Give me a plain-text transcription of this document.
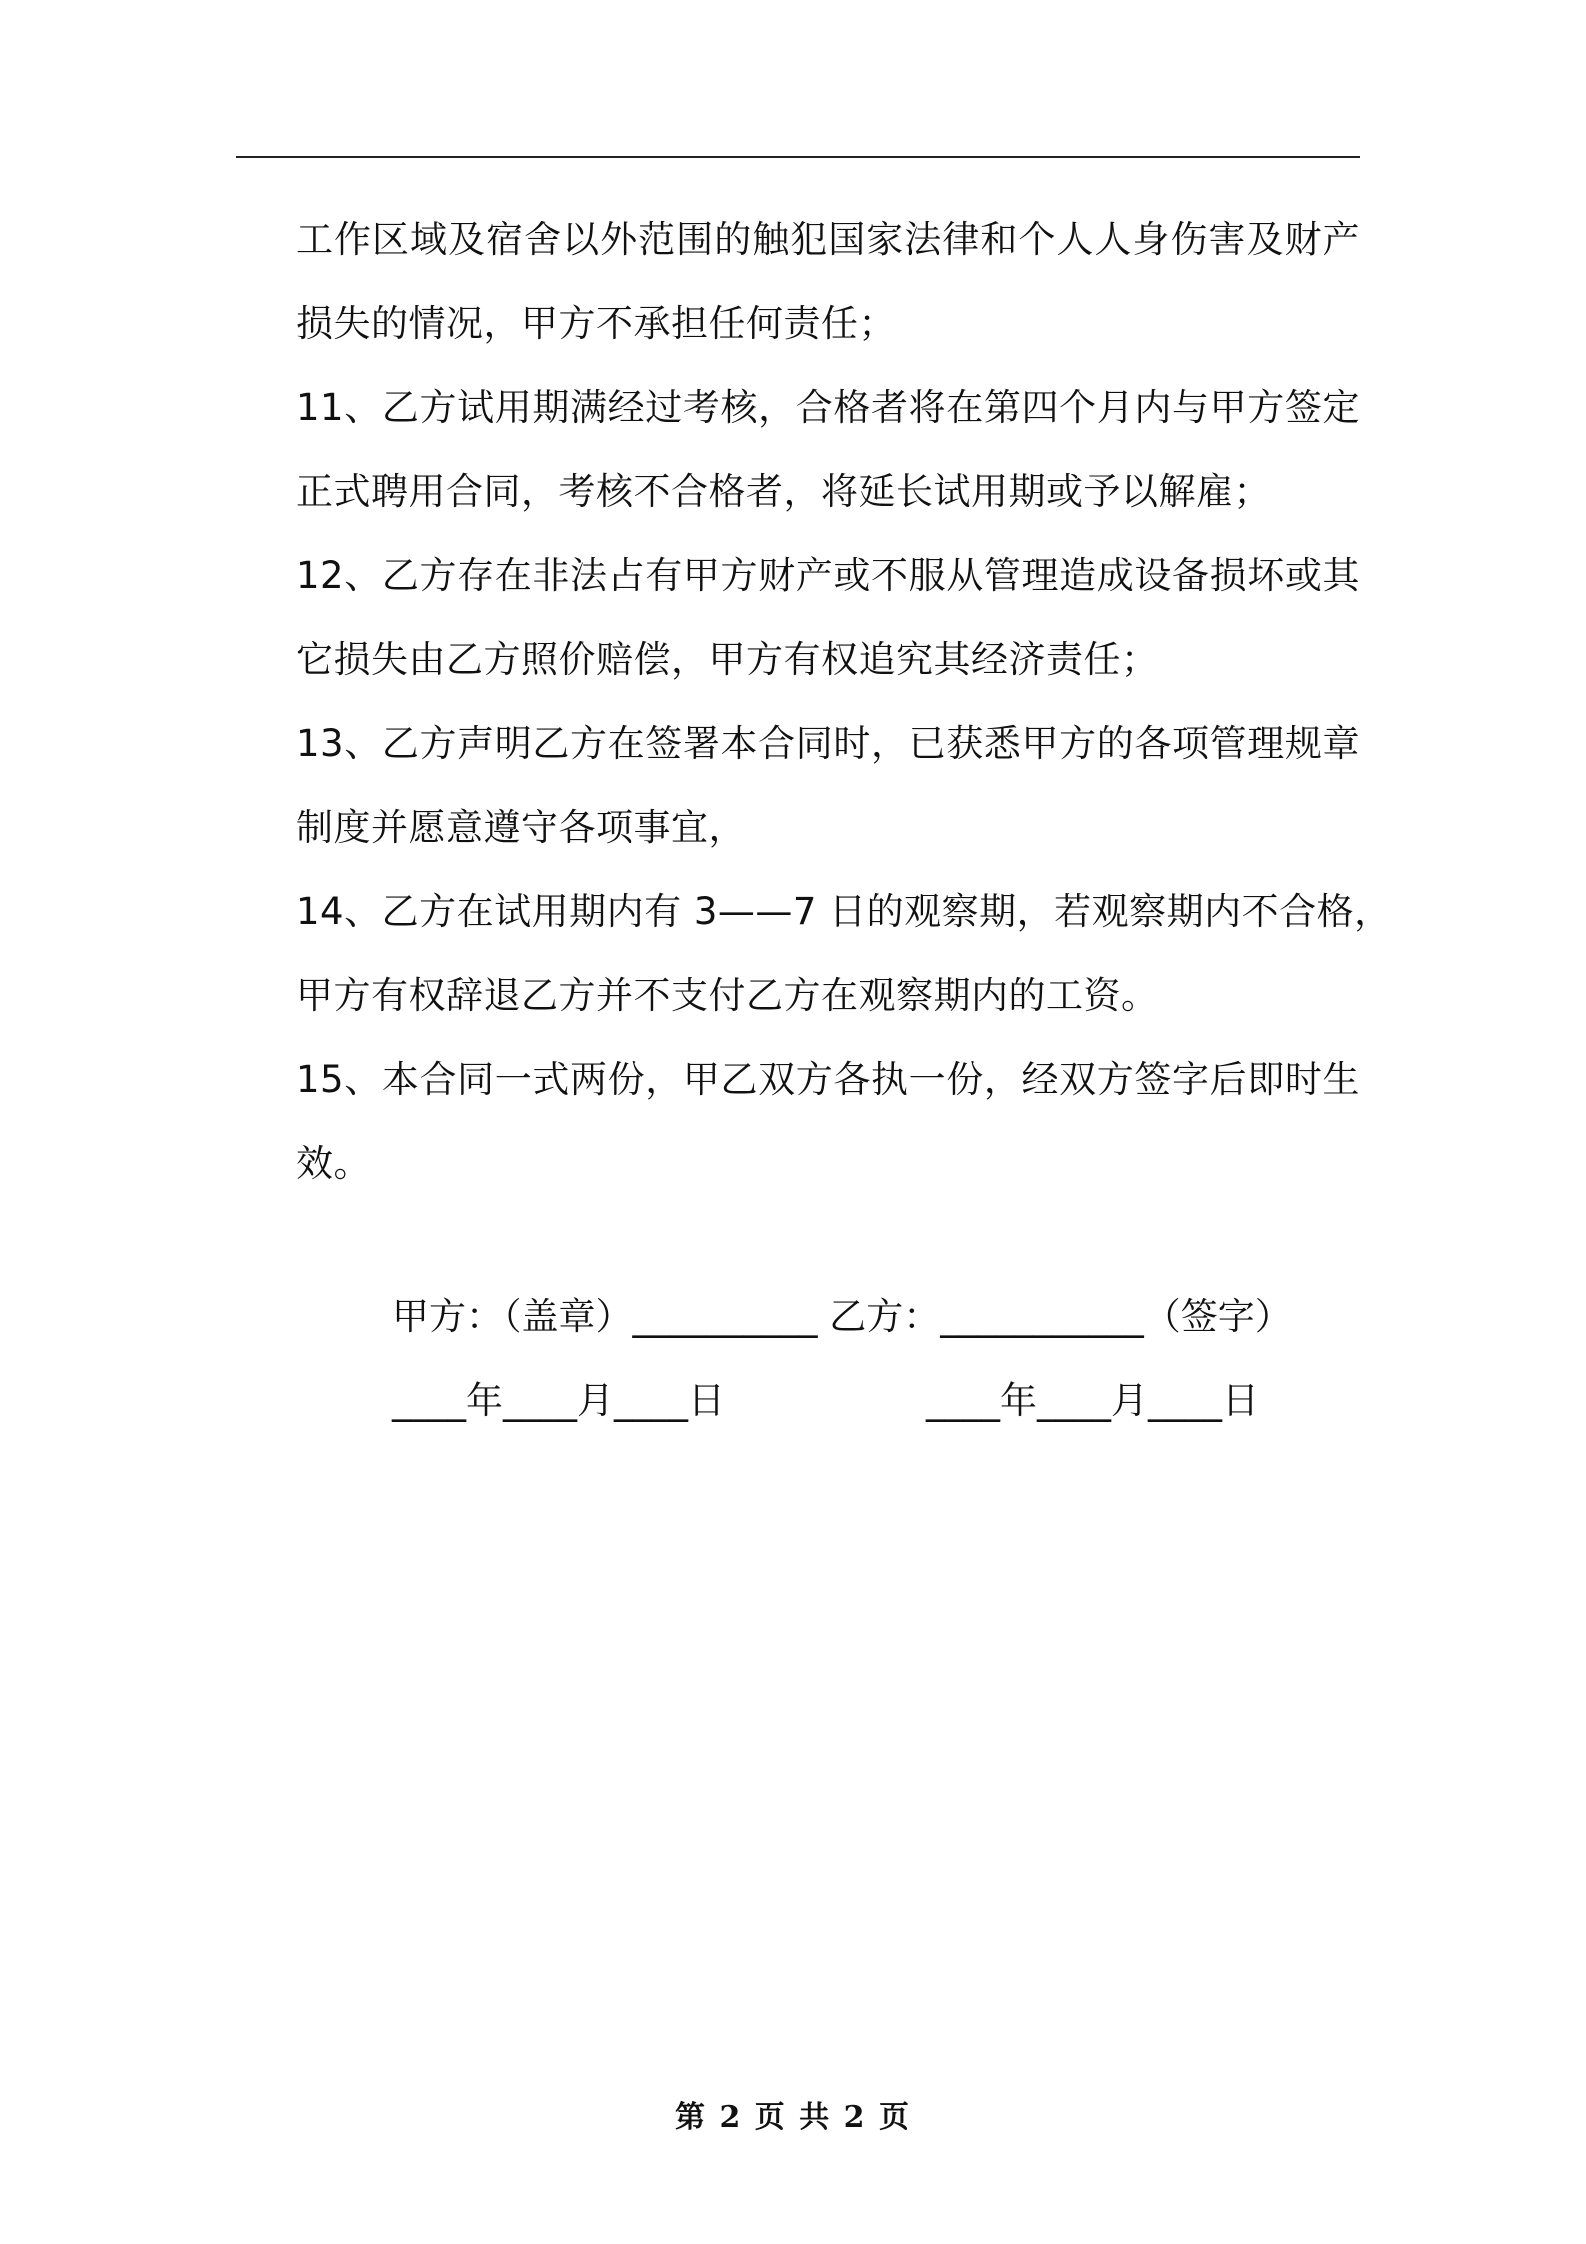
工作区域及宿舍以外范围的触犯国家法律和个人人身伤害及财产
损失的情况，甲方不承担任何责任；
11、乙方试用期满经过考核，合格者将在第四个月内与甲方签定
正式聘用合同，考核不合格者，将延长试用期或予以解雇；
12、乙方存在非法占有甲方财产或不服从管理造成设备损坏或其
它损失由乙方照价赔偿，甲方有权追究其经济责任；
13、乙方声明乙方在签署本合同时，已获悉甲方的各项管理规章
制度并愿意遵守各项事宜，
14、乙方在试用期内有 3——7 日的观察期，若观察期内不合格，
甲方有权辞退乙方并不支付乙方在观察期内的工资。
15、本合同一式两份，甲乙双方各执一份，经双方签字后即时生
效。
甲方：（盖章）__________ 乙方：___________（签字）
____年____月____日	____年____月____日
第 2 页 共 2 页
